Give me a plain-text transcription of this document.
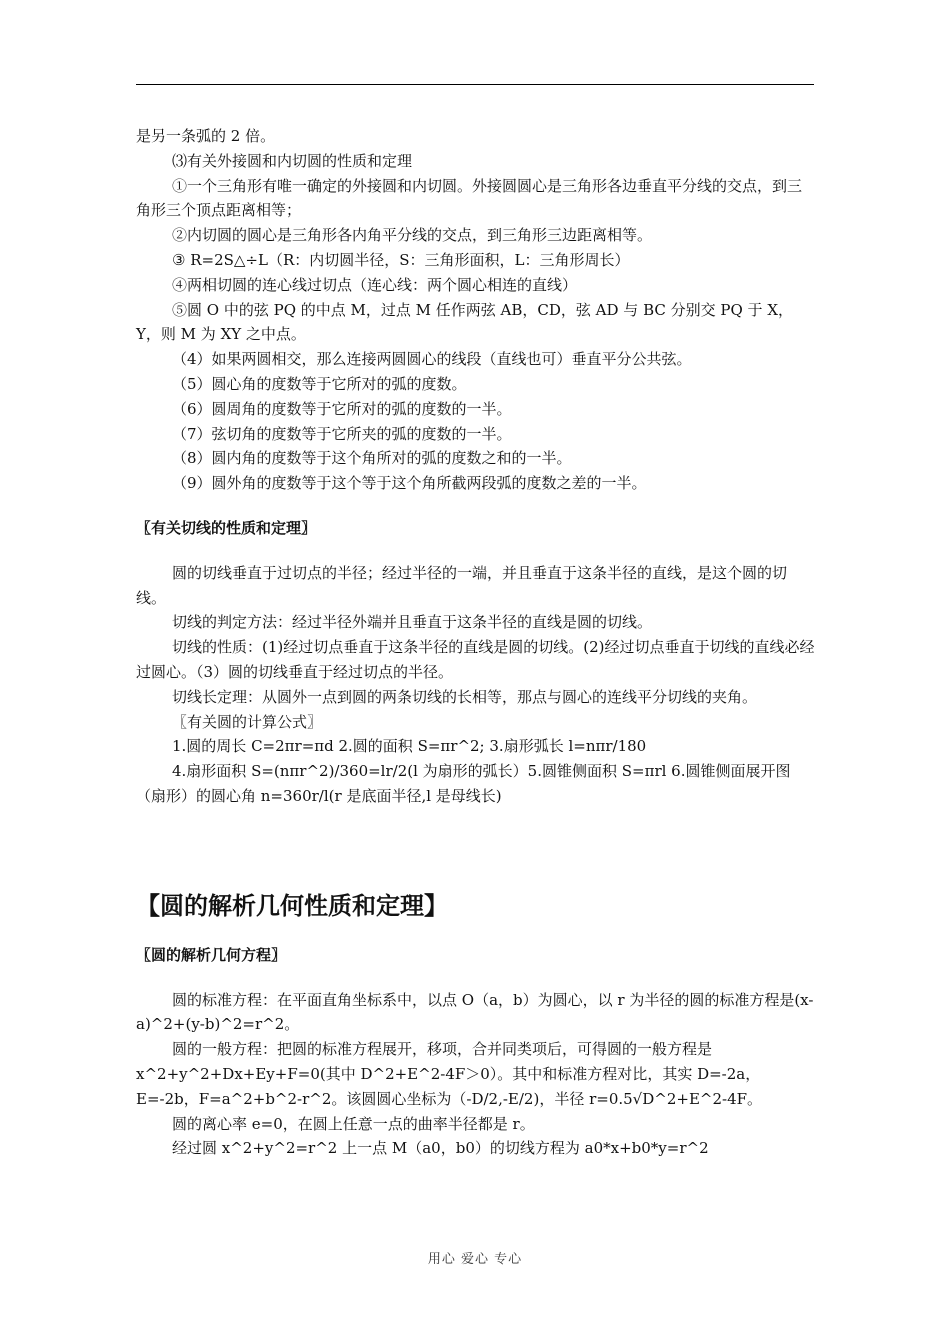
是另一条弧的 2 倍。

⑶有关外接圆和内切圆的性质和定理

①一个三角形有唯一确定的外接圆和内切圆。外接圆圆心是三角形各边垂直平分线的交点，到三角形三个顶点距离相等；

②内切圆的圆心是三角形各内角平分线的交点，到三角形三边距离相等。

③ R=2S△÷L（R：内切圆半径，S：三角形面积，L：三角形周长）

④两相切圆的连心线过切点（连心线：两个圆心相连的直线）

⑤圆 O 中的弦 PQ 的中点 M，过点 M 任作两弦 AB，CD，弦 AD 与 BC 分别交 PQ 于 X，Y，则 M 为 XY 之中点。

（4）如果两圆相交，那么连接两圆圆心的线段（直线也可）垂直平分公共弦。

（5）圆心角的度数等于它所对的弧的度数。

（6）圆周角的度数等于它所对的弧的度数的一半。

（7）弦切角的度数等于它所夹的弧的度数的一半。

（8）圆内角的度数等于这个角所对的弧的度数之和的一半。

（9）圆外角的度数等于这个等于这个角所截两段弧的度数之差的一半。

〖有关切线的性质和定理〗

圆的切线垂直于过切点的半径；经过半径的一端，并且垂直于这条半径的直线，是这个圆的切线。

切线的判定方法：经过半径外端并且垂直于这条半径的直线是圆的切线。

切线的性质：(1)经过切点垂直于这条半径的直线是圆的切线。(2)经过切点垂直于切线的直线必经过圆心。（3）圆的切线垂直于经过切点的半径。

切线长定理：从圆外一点到圆的两条切线的长相等，那点与圆心的连线平分切线的夹角。

〖有关圆的计算公式〗

1.圆的周长 C=2πr=πd 2.圆的面积 S=πr^2; 3.扇形弧长 l=nπr/180

4.扇形面积 S=(nπr^2)/360=lr/2(l 为扇形的弧长）5.圆锥侧面积 S=πrl 6.圆锥侧面展开图（扇形）的圆心角 n=360r/l(r 是底面半径,l 是母线长)

【圆的解析几何性质和定理】

〖圆的解析几何方程〗

圆的标准方程：在平面直角坐标系中，以点 O（a，b）为圆心，以 r 为半径的圆的标准方程是(x-a)^2+(y-b)^2=r^2。

圆的一般方程：把圆的标准方程展开，移项，合并同类项后，可得圆的一般方程是 x^2+y^2+Dx+Ey+F=0(其中 D^2+E^2-4F＞0）。其中和标准方程对比，其实 D=-2a，E=-2b，F=a^2+b^2-r^2。该圆圆心坐标为（-D/2,-E/2)，半径 r=0.5√D^2+E^2-4F。

圆的离心率 e=0，在圆上任意一点的曲率半径都是 r。

经过圆 x^2+y^2=r^2 上一点 M（a0，b0）的切线方程为 a0*x+b0*y=r^2

用心 爱心 专心
